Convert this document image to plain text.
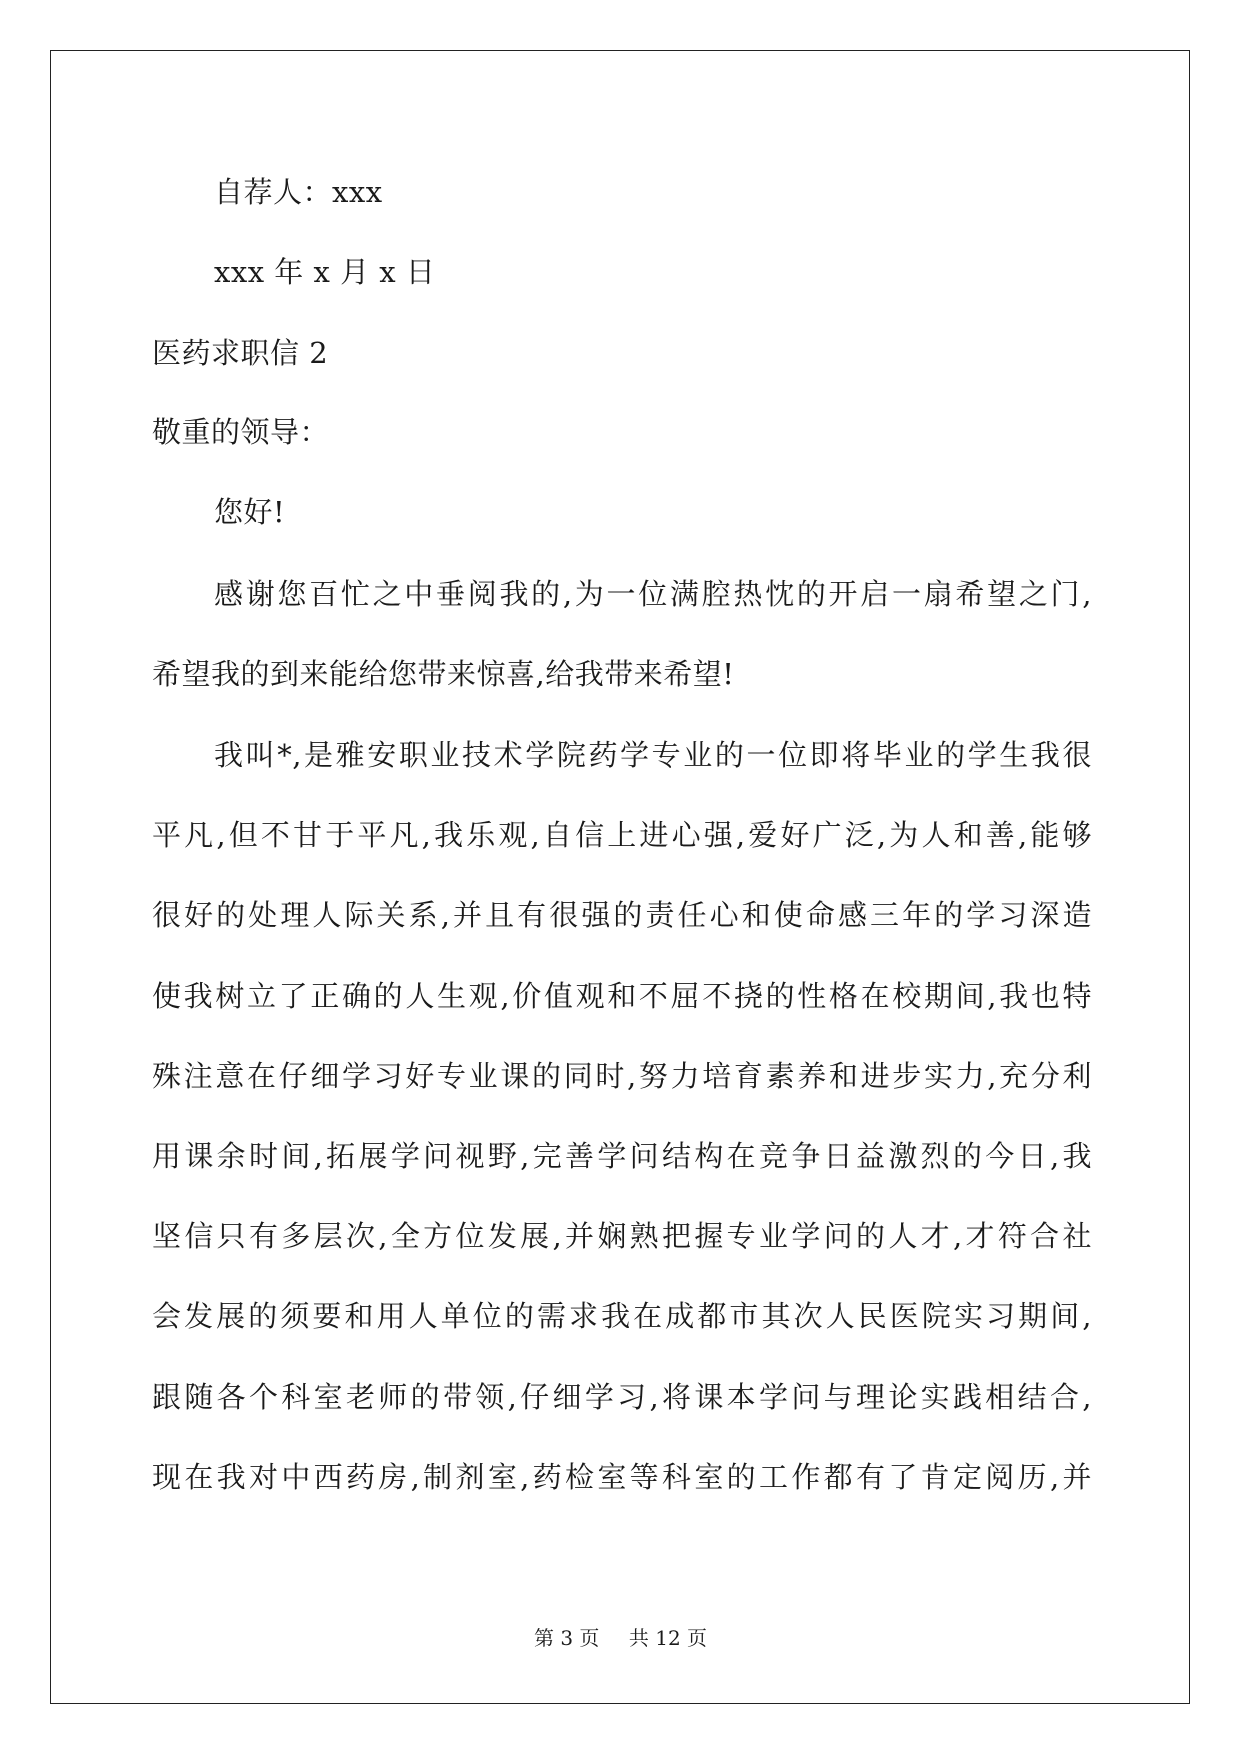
自荐人：xxx
xxx 年 x 月 x 日
医药求职信 2
敬重的领导：
您好!
感谢您百忙之中垂阅我的,为一位满腔热忱的开启一扇希望之门,
希望我的到来能给您带来惊喜,给我带来希望!
我叫*,是雅安职业技术学院药学专业的一位即将毕业的学生我很
平凡,但不甘于平凡,我乐观,自信上进心强,爱好广泛,为人和善,能够
很好的处理人际关系,并且有很强的责任心和使命感三年的学习深造
使我树立了正确的人生观,价值观和不屈不挠的性格在校期间,我也特
殊注意在仔细学习好专业课的同时,努力培育素养和进步实力,充分利
用课余时间,拓展学问视野,完善学问结构在竞争日益激烈的今日,我
坚信只有多层次,全方位发展,并娴熟把握专业学问的人才,才符合社
会发展的须要和用人单位的需求我在成都市其次人民医院实习期间,
跟随各个科室老师的带领,仔细学习,将课本学问与理论实践相结合,
现在我对中西药房,制剂室,药检室等科室的工作都有了肯定阅历,并
第 3 页 共 12 页
